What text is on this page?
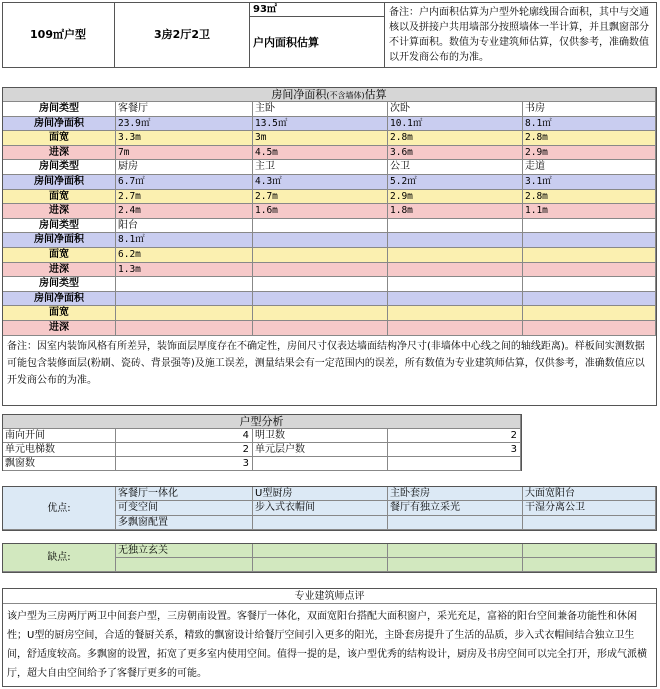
109㎡户型	3房2厅2卫
93㎡
户内面积估算
备注：户内面积估算为户型外轮廓线围合面积，其中与交通核以及拼接户共用墙部分按照墙体一半计算，并且飘窗部分不计算面积。数值为专业建筑师估算，仅供参考，准确数值以开发商公布的为准。
房间净面积(不含墙体)估算
房间类型	客餐厅	主卧	次卧	书房
房间净面积	23.9㎡	13.5㎡	10.1㎡	8.1㎡
面宽	3.3m	3m	2.8m	2.8m
进深	7m	4.5m	3.6m	2.9m
房间类型	厨房	主卫	公卫	走道
房间净面积	6.7㎡	4.3㎡	5.2㎡	3.1㎡
面宽	2.7m	2.7m	2.9m	2.8m
进深	2.4m	1.6m	1.8m	1.1m
房间类型	阳台
房间净面积	8.1㎡
面宽	6.2m
进深	1.3m
房间类型
房间净面积
面宽
进深
备注：因室内装饰风格有所差异，装饰面层厚度存在不确定性，房间尺寸仅表达墙面结构净尺寸(非墙体中心线之间的轴线距离)。样板间实测数据可能包含装修面层(粉刷、瓷砖、背景强等)及施工误差，测量结果会有一定范围内的误差，所有数值为专业建筑师估算，仅供参考，准确数值应以开发商公布的为准。
户型分析
南向开间	4 明卫数	2
单元电梯数	2 单元层户数	3
飘窗数	3
优点:
客餐厅一体化	U型厨房	主卧套房	大面宽阳台
可变空间	步入式衣帽间	餐厅有独立采光	干湿分离公卫
多飘窗配置
缺点:
无独立玄关
专业建筑师点评
该户型为三房两厅两卫中间套户型，三房朝南设置。客餐厅一体化，双面宽阳台搭配大面积窗户，采光充足，富裕的阳台空间兼备功能性和休闲性；U型的厨房空间，合适的餐厨关系，精致的飘窗设计给餐厅空间引入更多的阳光，主卧套房提升了生活的品质，步入式衣帽间结合独立卫生间，舒适度较高。多飘窗的设置，拓宽了更多室内使用空间。值得一提的是，该户型优秀的结构设计，厨房及书房空间可以完全打开，形成气派横厅，超大自由空间给予了客餐厅更多的可能。
